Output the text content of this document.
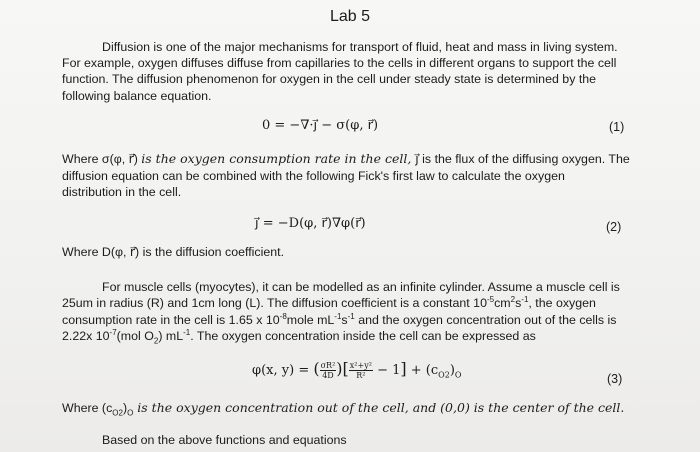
Lab 5
Diffusion is one of the major mechanisms for transport of fluid, heat and mass in living system.
For example, oxygen diffuses diffuse from capillaries to the cells in different organs to support the cell
function. The diffusion phenomenon for oxygen in the cell under steady state is determined by the
following balance equation.
0 = −∇·j⃗ − σ(φ, r⃗)	(1)
Where σ(φ, r⃗) is the oxygen consumption rate in the cell, j⃗ is the flux of the diffusing oxygen. The
diffusion equation can be combined with the following Fick's first law to calculate the oxygen
distribution in the cell.
j⃗ = −D(φ, r⃗)∇φ(r⃗)	(2)
Where D(φ, r⃗) is the diffusion coefficient.
For muscle cells (myocytes), it can be modelled as an infinite cylinder. Assume a muscle cell is
25um in radius (R) and 1cm long (L). The diffusion coefficient is a constant $10^{-5}cm^2s^{-1}$, the oxygen
consumption rate in the cell is 1.65 x $10^{-8}mole$ $mL^{-1}s^{-1}$ and the oxygen concentration out of the cells is
2.22x $10^{-7}(mol$ $O_2$) $mL^{-1}$. The oxygen concentration inside the cell can be expressed as
φ(x, y) = ( $\frac{\text{σR²}}{4D}$ )[ $\frac{\text{x²+y²}}{\text{R²}} - 1] + (c_{O2})_O$	(3)
Where $(c_{O2})_O$ is the oxygen concentration out of the cell, and (0,0) is the center of the cell.
Based on the above functions and equations
